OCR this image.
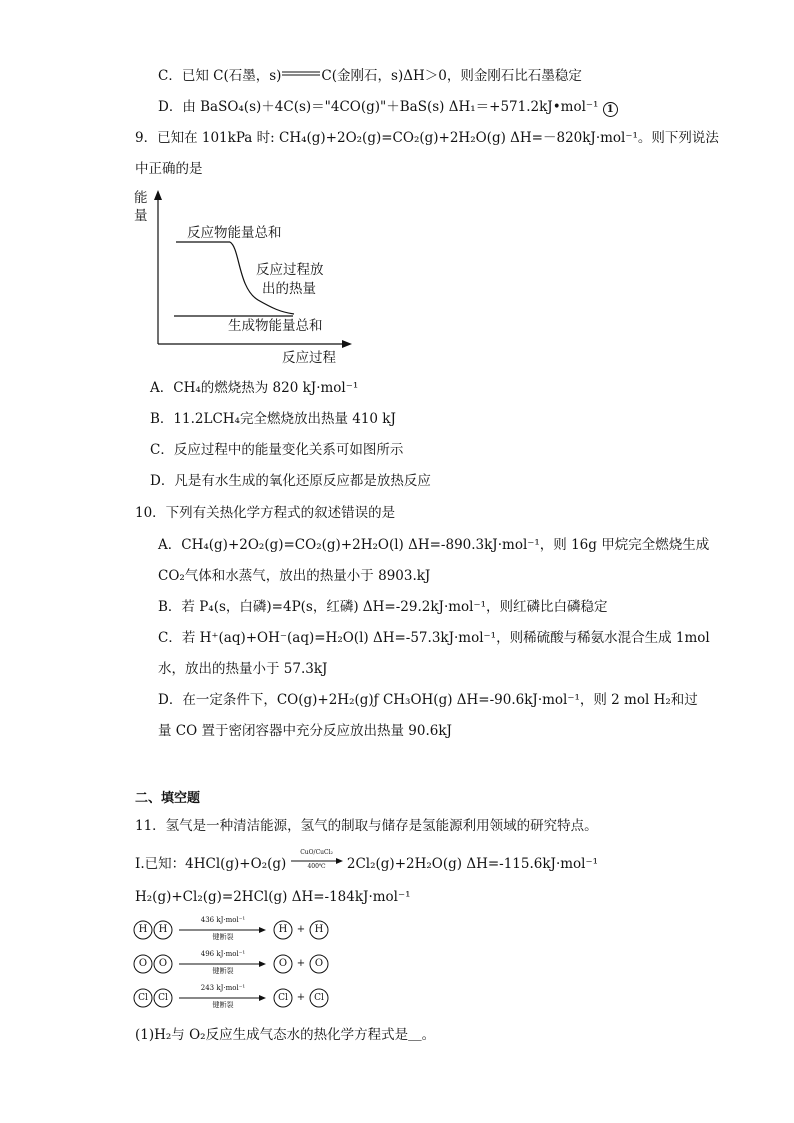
C．已知 C(石墨，s)	C(金刚石，s)ΔH＞0，则金刚石比石墨稳定
D．由 BaSO₄(s)＋4C(s)＝"4CO(g)"＋BaS(s) ΔH₁＝+571.2kJ•mol⁻¹ 1
9．已知在 101kPa 时: CH₄(g)+2O₂(g)=CO₂(g)+2H₂O(g) ΔH=－820kJ·mol⁻¹。则下列说法
中正确的是
能
量
反应物能量总和
反应过程放
出的热量
生成物能量总和
反应过程
A．CH₄的燃烧热为 820 kJ·mol⁻¹
B．11.2LCH₄完全燃烧放出热量 410 kJ
C．反应过程中的能量变化关系可如图所示
D．凡是有水生成的氧化还原反应都是放热反应
10．下列有关热化学方程式的叙述错误的是
A．CH₄(g)+2O₂(g)=CO₂(g)+2H₂O(l) ΔH=-890.3kJ·mol⁻¹，则 16g 甲烷完全燃烧生成
CO₂气体和水蒸气，放出的热量小于 8903.kJ
B．若 P₄(s，白磷)=4P(s，红磷) ΔH=-29.2kJ·mol⁻¹，则红磷比白磷稳定
C．若 H⁺(aq)+OH⁻(aq)=H₂O(l) ΔH=-57.3kJ·mol⁻¹，则稀硫酸与稀氨水混合生成 1mol
水，放出的热量小于 57.3kJ
D．在一定条件下，CO(g)+2H₂(g)ƒ CH₃OH(g) ΔH=-90.6kJ·mol⁻¹，则 2 mol H₂和过
量 CO 置于密闭容器中充分反应放出热量 90.6kJ
二、填空题
11．氢气是一种清洁能源，氢气的制取与储存是氢能源利用领域的研究特点。
Ⅰ.已知：4HCl(g)+O₂(g)
CuO/CuCl₂
400℃	2Cl₂(g)+2H₂O(g) ΔH=-115.6kJ·mol⁻¹
H₂(g)+Cl₂(g)=2HCl(g) ΔH=-184kJ·mol⁻¹
H H
436 kJ·mol⁻¹
键断裂
H + H
O O
496 kJ·mol⁻¹
键断裂
O + O
Cl	Cl
243 kJ·mol⁻¹
键断裂
Cl + Cl
(1)H₂与 O₂反应生成气态水的热化学方程式是＿。
